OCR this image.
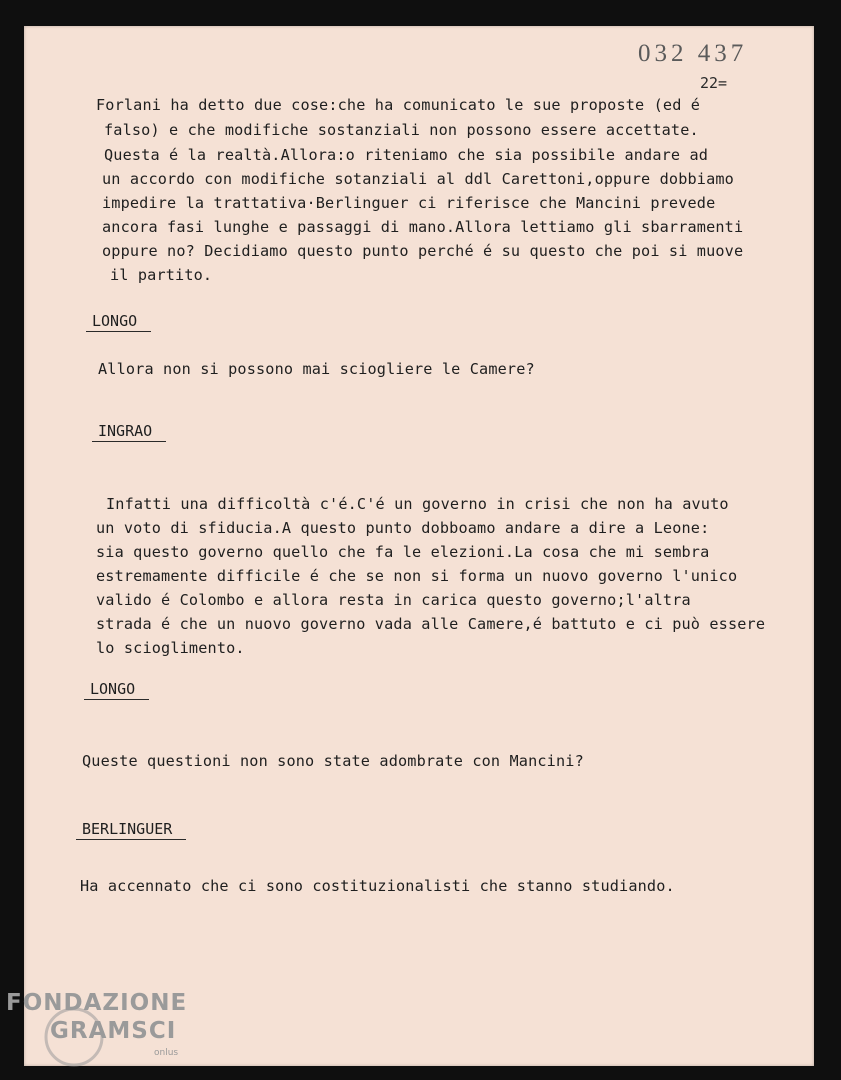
032 437
22=
Forlani ha detto due cose:che ha comunicato le sue proposte (ed é
falso) e che modifiche sostanziali non possono essere accettate.
Questa é la realtà.Allora:o riteniamo che sia possibile andare ad
un accordo con modifiche sotanziali al ddl Carettoni,oppure dobbiamo
impedire la trattativa·Berlinguer ci riferisce che Mancini prevede
ancora fasi lunghe e passaggi di mano.Allora lettiamo gli sbarramenti
oppure no? Decidiamo questo punto perché é su questo che poi si muove
il partito.
LONGO
Allora non si possono mai sciogliere le Camere?
INGRAO
Infatti una difficoltà c'é.C'é un governo in crisi che non ha avuto
un voto di sfiducia.A questo punto dobboamo andare a dire a Leone:
sia questo governo quello che fa le elezioni.La cosa che mi sembra
estremamente difficile é che se non si forma un nuovo governo l'unico
valido é Colombo e allora resta in carica questo governo;l'altra
strada é che un nuovo governo vada alle Camere,é battuto e ci può essere
lo scioglimento.
LONGO
Queste questioni non sono state adombrate con Mancini?
BERLINGUER
Ha accennato che ci sono costituzionalisti che stanno studiando.
FONDAZIONE
GRAMSCI
onlus
